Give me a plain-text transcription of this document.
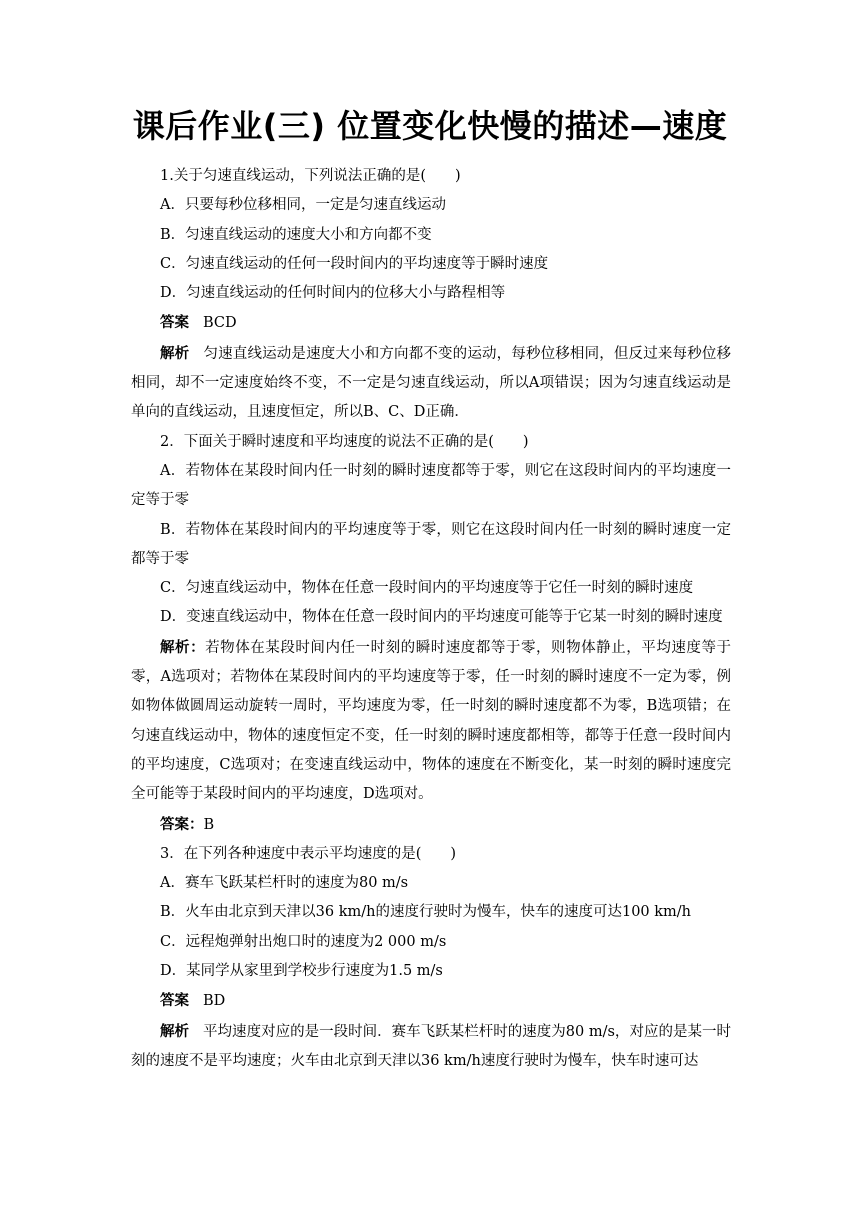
课后作业(三) 位置变化快慢的描述—速度

1.关于匀速直线运动，下列说法正确的是(　　)

A．只要每秒位移相同，一定是匀速直线运动

B．匀速直线运动的速度大小和方向都不变

C．匀速直线运动的任何一段时间内的平均速度等于瞬时速度

D．匀速直线运动的任何时间内的位移大小与路程相等

答案 BCD

解析 匀速直线运动是速度大小和方向都不变的运动，每秒位移相同，但反过来每秒位移相同，却不一定速度始终不变，不一定是匀速直线运动，所以A项错误；因为匀速直线运动是单向的直线运动，且速度恒定，所以B、C、D正确．

2．下面关于瞬时速度和平均速度的说法不正确的是(　　)

A．若物体在某段时间内任一时刻的瞬时速度都等于零，则它在这段时间内的平均速度一定等于零

B．若物体在某段时间内的平均速度等于零，则它在这段时间内任一时刻的瞬时速度一定都等于零

C．匀速直线运动中，物体在任意一段时间内的平均速度等于它任一时刻的瞬时速度

D．变速直线运动中，物体在任意一段时间内的平均速度可能等于它某一时刻的瞬时速度

解析：若物体在某段时间内任一时刻的瞬时速度都等于零，则物体静止，平均速度等于零，A选项对；若物体在某段时间内的平均速度等于零，任一时刻的瞬时速度不一定为零，例如物体做圆周运动旋转一周时，平均速度为零，任一时刻的瞬时速度都不为零，B选项错；在匀速直线运动中，物体的速度恒定不变，任一时刻的瞬时速度都相等，都等于任意一段时间内的平均速度，C选项对；在变速直线运动中，物体的速度在不断变化，某一时刻的瞬时速度完全可能等于某段时间内的平均速度，D选项对。

答案：B

3．在下列各种速度中表示平均速度的是(　　)

A．赛车飞跃某栏杆时的速度为80 m/s

B．火车由北京到天津以36 km/h的速度行驶时为慢车，快车的速度可达100 km/h

C．远程炮弹射出炮口时的速度为2 000 m/s

D．某同学从家里到学校步行速度为1.5 m/s

答案 BD

解析 平均速度对应的是一段时间．赛车飞跃某栏杆时的速度为80 m/s，对应的是某一时刻的速度不是平均速度；火车由北京到天津以36 km/h速度行驶时为慢车，快车时速可达
